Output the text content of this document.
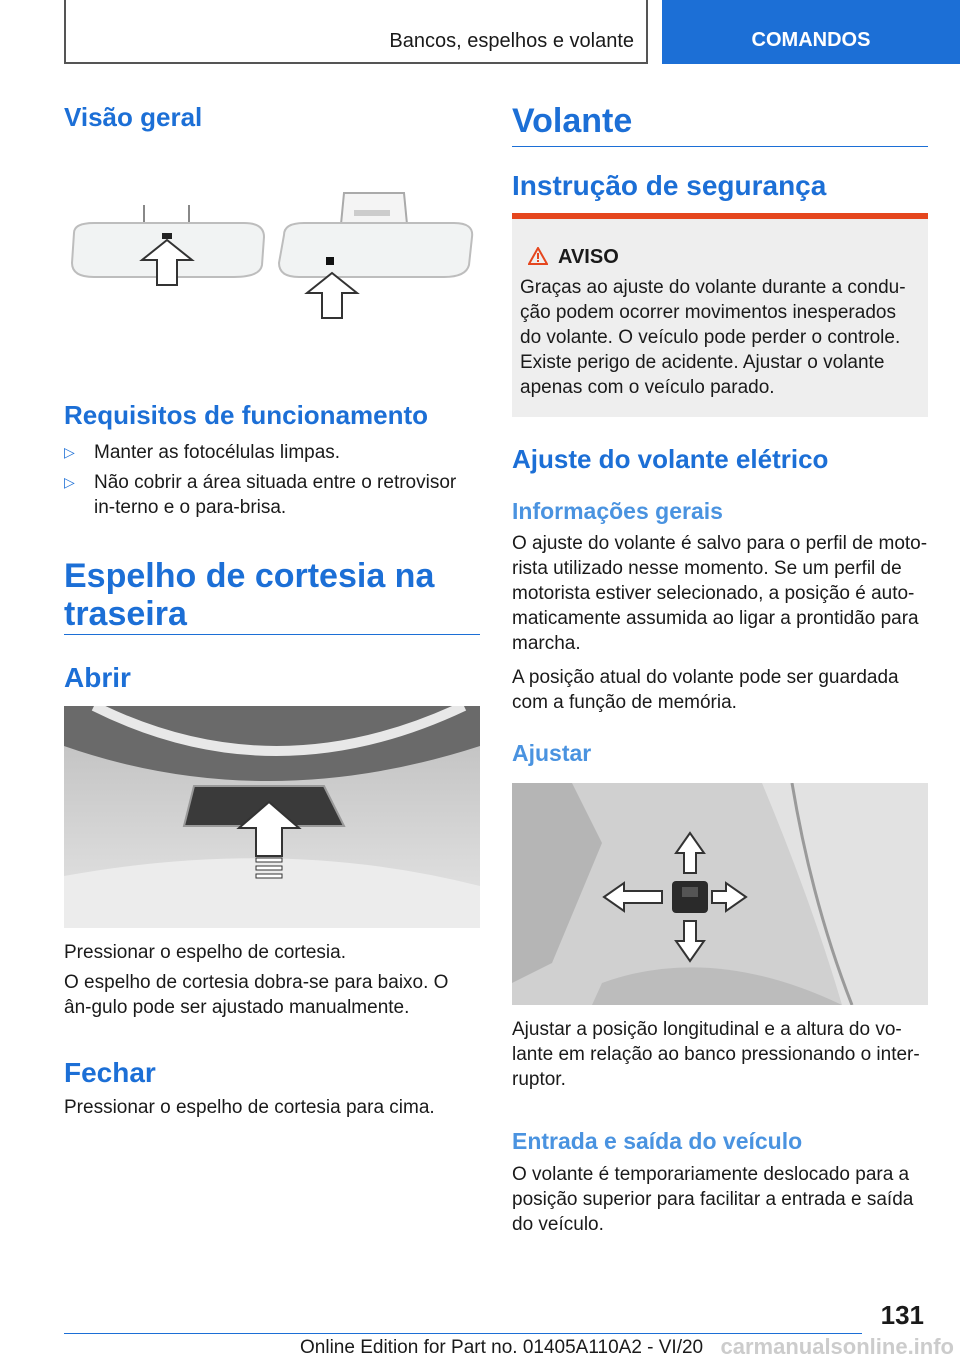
Bancos, espelhos e volante	COMANDOS
Visão geral
Requisitos de funcionamento
▷ Manter as fotocélulas limpas.
▷ Não cobrir a área situada entre o retrovisor in‐terno e o para-brisa.
Espelho de cortesia na traseira
Abrir

Pressionar o espelho de cortesia.

O espelho de cortesia dobra-se para baixo. O ân‐gulo pode ser ajustado manualmente.

Fechar

Pressionar o espelho de cortesia para cima.

Volante
Instrução de segurança
AVISO

Graças ao ajuste do volante durante a condu‐ção podem ocorrer movimentos inesperados do volante. O veículo pode perder o controle. Existe perigo de acidente. Ajustar o volante apenas com o veículo parado.

Ajuste do volante elétrico
Informações gerais

O ajuste do volante é salvo para o perfil de moto‐rista utilizado nesse momento. Se um perfil de motorista estiver selecionado, a posição é auto‐maticamente assumida ao ligar a prontidão para marcha.

A posição atual do volante pode ser guardada com a função de memória.

Ajustar

Ajustar a posição longitudinal e a altura do vo‐lante em relação ao banco pressionando o inter‐ruptor.

Entrada e saída do veículo

O volante é temporariamente deslocado para a posição superior para facilitar a entrada e saída do veículo.

131
Online Edition for Part no. 01405A110A2 - VI/20 carmanualsonline.info
